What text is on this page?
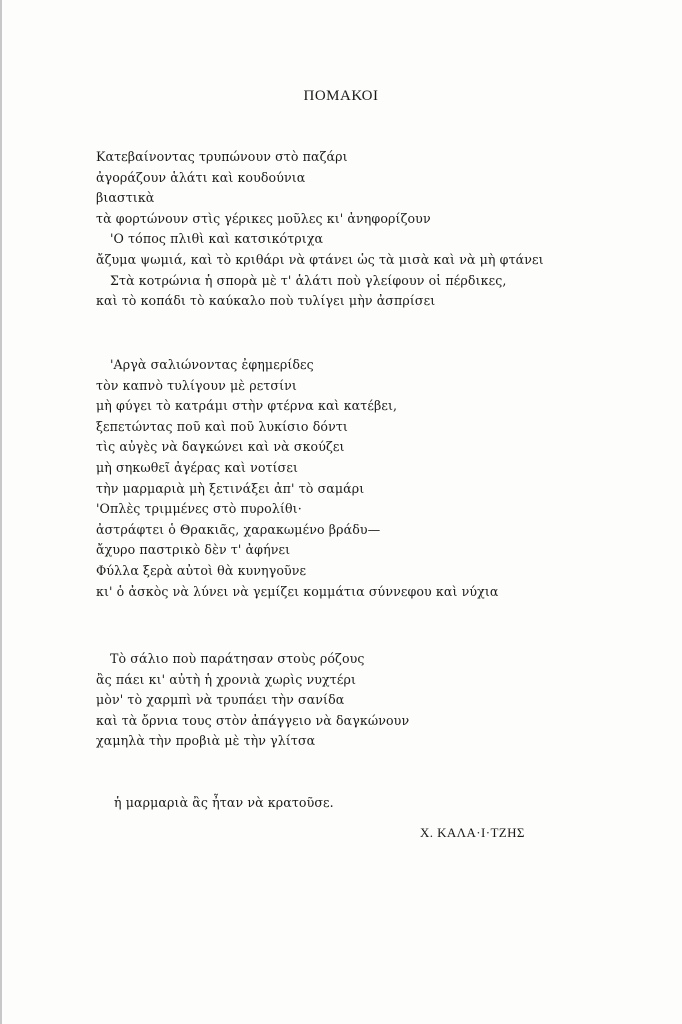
ΠΟΜΑΚΟΙ
Κατεβαίνοντας τρυπώνουν στὸ παζάρι
ἀγοράζουν ἁλάτι καὶ κουδούνια
βιαστικὰ
τὰ φορτώνουν στὶς γέρικες μοῦλες κι' ἀνηφορίζουν
'Ο τόπος πλιθὶ καὶ κατσικότριχα
ἄζυμα ψωμιά, καὶ τὸ κριθάρι νὰ φτάνει ὡς τὰ μισὰ καὶ νὰ μὴ φτάνει
Στὰ κοτρώνια ἡ σπορὰ μὲ τ' ἁλάτι ποὺ γλείφουν οἱ πέρδικες,
καὶ τὸ κοπάδι τὸ καύκαλο ποὺ τυλίγει μὴν ἀσπρίσει
'Αργὰ σαλιώνοντας ἐφημερίδες
τὸν καπνὸ τυλίγουν μὲ ρετσίνι
μὴ φύγει τὸ κατράμι στὴν φτέρνα καὶ κατέβει,
ξεπετώντας ποῦ καὶ ποῦ λυκίσιο δόντι
τὶς αὐγὲς νὰ δαγκώνει καὶ νὰ σκούζει
μὴ σηκωθεῖ ἀγέρας καὶ νοτίσει
τὴν μαρμαριὰ μὴ ξετινάξει ἀπ' τὸ σαμάρι
'Οπλὲς τριμμένες στὸ πυρολίθι·
ἀστράφτει ὁ Θρακιᾶς, χαρακωμένο βράδυ—
ἄχυρο παστρικὸ δὲν τ' ἀφήνει
Φύλλα ξερὰ αὐτοὶ θὰ κυνηγοῦνε
κι' ὁ ἀσκὸς νὰ λύνει νὰ γεμίζει κομμάτια σύννεφου καὶ νύχια
Τὸ σάλιο ποὺ παράτησαν στοὺς ρόζους
ἂς πάει κι' αὐτὴ ἡ χρονιὰ χωρὶς νυχτέρι
μὸν' τὸ χαρμπὶ νὰ τρυπάει τὴν σανίδα
καὶ τὰ ὄρνια τους στὸν ἀπάγγειο νὰ δαγκώνουν
χαμηλὰ τὴν προβιὰ μὲ τὴν γλίτσα
ἡ μαρμαριὰ ἂς ἦταν νὰ κρατοῦσε.
Χ. ΚΑΛΑ·Ι·ΤΖΗΣ
